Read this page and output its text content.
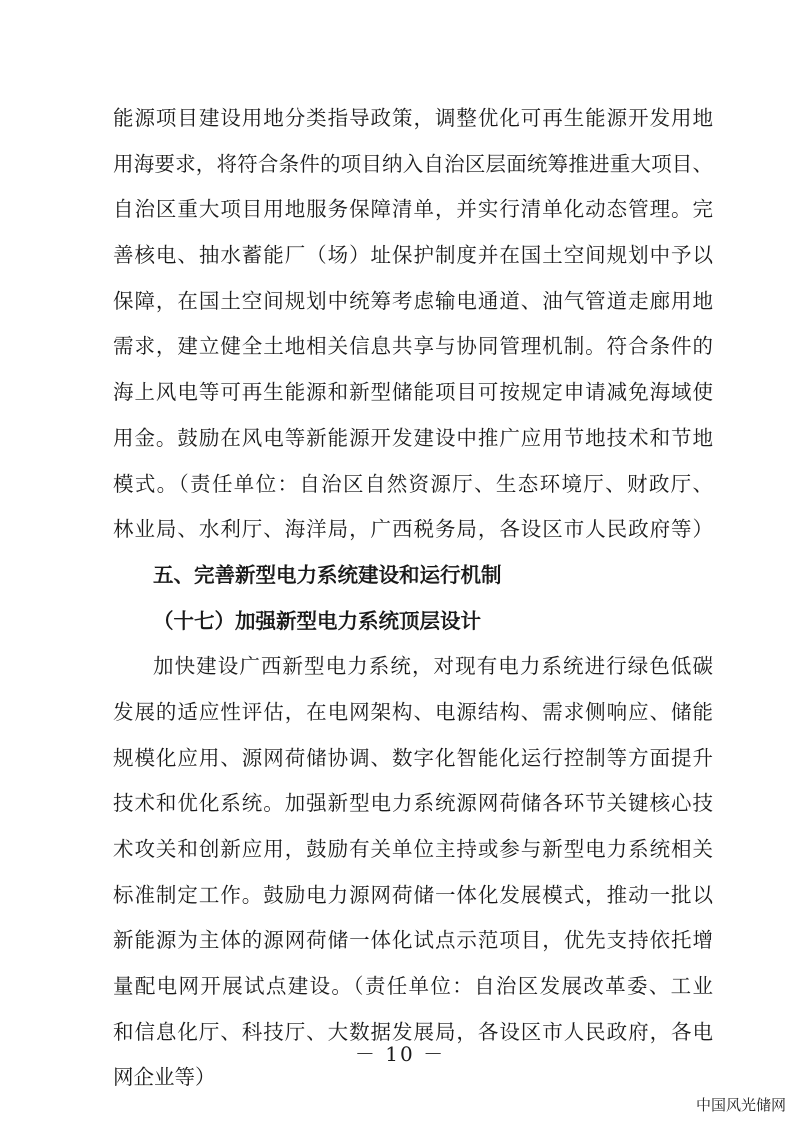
能源项目建设用地分类指导政策，调整优化可再生能源开发用地
用海要求，将符合条件的项目纳入自治区层面统筹推进重大项目、
自治区重大项目用地服务保障清单，并实行清单化动态管理。完
善核电、抽水蓄能厂（场）址保护制度并在国土空间规划中予以
保障，在国土空间规划中统筹考虑输电通道、油气管道走廊用地
需求，建立健全土地相关信息共享与协同管理机制。符合条件的
海上风电等可再生能源和新型储能项目可按规定申请减免海域使
用金。鼓励在风电等新能源开发建设中推广应用节地技术和节地
模式。（责任单位：自治区自然资源厅、生态环境厅、财政厅、
林业局、水利厅、海洋局，广西税务局，各设区市人民政府等）
五、完善新型电力系统建设和运行机制
（十七）加强新型电力系统顶层设计
加快建设广西新型电力系统，对现有电力系统进行绿色低碳
发展的适应性评估，在电网架构、电源结构、需求侧响应、储能
规模化应用、源网荷储协调、数字化智能化运行控制等方面提升
技术和优化系统。加强新型电力系统源网荷储各环节关键核心技
术攻关和创新应用，鼓励有关单位主持或参与新型电力系统相关
标准制定工作。鼓励电力源网荷储一体化发展模式，推动一批以
新能源为主体的源网荷储一体化试点示范项目，优先支持依托增
量配电网开展试点建设。（责任单位：自治区发展改革委、工业
和信息化厅、科技厅、大数据发展局，各设区市人民政府，各电
网企业等）
－ 10 －
中国风光储网
